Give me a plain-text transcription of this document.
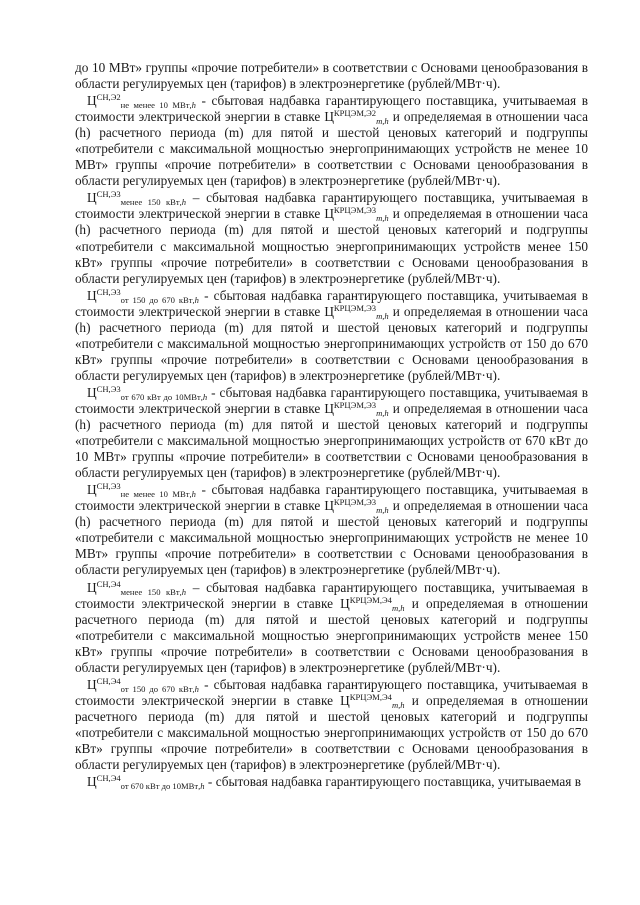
до 10 МВт» группы «прочие потребители» в соответствии с Основами ценообразования в области регулируемых цен (тарифов) в электроэнергетике (рублей/МВт·ч).

$Ц^{СН,Э2}_{не менее 10 МВт,h}$ - сбытовая надбавка гарантирующего поставщика, учитываемая в стоимости электрической энергии в ставке $Ц^{КРЦЭМ,Э2}_{m,h}$ и определяемая в отношении часа (h) расчетного периода (m) для пятой и шестой ценовых категорий и подгруппы «потребители с максимальной мощностью энергопринимающих устройств не менее 10 МВт» группы «прочие потребители» в соответствии с Основами ценообразования в области регулируемых цен (тарифов) в электроэнергетике (рублей/МВт·ч).

$Ц^{СН,Э3}_{менее 150 кВт,h}$ – сбытовая надбавка гарантирующего поставщика, учитываемая в стоимости электрической энергии в ставке $Ц^{КРЦЭМ,Э3}_{m,h}$ и определяемая в отношении часа (h) расчетного периода (m) для пятой и шестой ценовых категорий и подгруппы «потребители с максимальной мощностью энергопринимающих устройств менее 150 кВт» группы «прочие потребители» в соответствии с Основами ценообразования в области регулируемых цен (тарифов) в электроэнергетике (рублей/МВт·ч).

$Ц^{СН,Э3}_{от 150 до 670 кВт,h}$ - сбытовая надбавка гарантирующего поставщика, учитываемая в стоимости электрической энергии в ставке $Ц^{КРЦЭМ,Э3}_{m,h}$ и определяемая в отношении часа (h) расчетного периода (m) для пятой и шестой ценовых категорий и подгруппы «потребители с максимальной мощностью энергопринимающих устройств от 150 до 670 кВт» группы «прочие потребители» в соответствии с Основами ценообразования в области регулируемых цен (тарифов) в электроэнергетике (рублей/МВт·ч).

$Ц^{СН,Э3}_{от 670 кВт до 10МВт,h}$ - сбытовая надбавка гарантирующего поставщика, учитываемая в стоимости электрической энергии в ставке $Ц^{КРЦЭМ,Э3}_{m,h}$ и определяемая в отношении часа (h) расчетного периода (m) для пятой и шестой ценовых категорий и подгруппы «потребители с максимальной мощностью энергопринимающих устройств от 670 кВт до 10 МВт» группы «прочие потребители» в соответствии с Основами ценообразования в области регулируемых цен (тарифов) в электроэнергетике (рублей/МВт·ч).

$Ц^{СН,Э3}_{не менее 10 МВт,h}$ - сбытовая надбавка гарантирующего поставщика, учитываемая в стоимости электрической энергии в ставке $Ц^{КРЦЭМ,Э3}_{m,h}$ и определяемая в отношении часа (h) расчетного периода (m) для пятой и шестой ценовых категорий и подгруппы «потребители с максимальной мощностью энергопринимающих устройств не менее 10 МВт» группы «прочие потребители» в соответствии с Основами ценообразования в области регулируемых цен (тарифов) в электроэнергетике (рублей/МВт·ч).

$Ц^{СН,Э4}_{менее 150 кВт,h}$ – сбытовая надбавка гарантирующего поставщика, учитываемая в стоимости электрической энергии в ставке $Ц^{КРЦЭМ,Э4}_{m,h}$ и определяемая в отношении расчетного периода (m) для пятой и шестой ценовых категорий и подгруппы «потребители с максимальной мощностью энергопринимающих устройств менее 150 кВт» группы «прочие потребители» в соответствии с Основами ценообразования в области регулируемых цен (тарифов) в электроэнергетике (рублей/МВт·ч).

$Ц^{СН,Э4}_{от 150 до 670 кВт,h}$ - сбытовая надбавка гарантирующего поставщика, учитываемая в стоимости электрической энергии в ставке $Ц^{КРЦЭМ,Э4}_{m,h}$ и определяемая в отношении расчетного периода (m) для пятой и шестой ценовых категорий и подгруппы «потребители с максимальной мощностью энергопринимающих устройств от 150 до 670 кВт» группы «прочие потребители» в соответствии с Основами ценообразования в области регулируемых цен (тарифов) в электроэнергетике (рублей/МВт·ч).

$Ц^{СН,Э4}_{от 670 кВт до 10МВт,h}$ - сбытовая надбавка гарантирующего поставщика, учитываемая в
